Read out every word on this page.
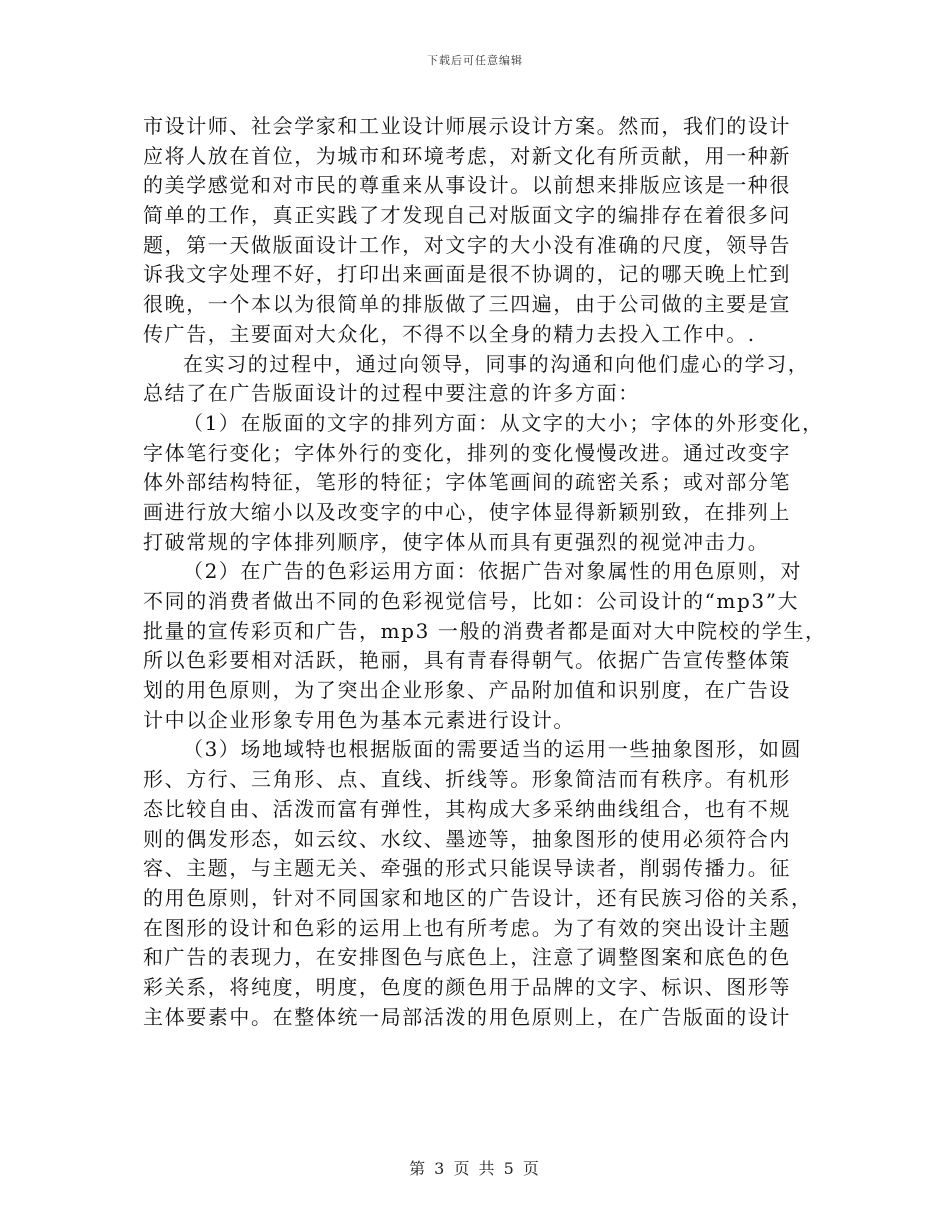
下载后可任意编辑
市设计师、社会学家和工业设计师展示设计方案。然而，我们的设计
应将人放在首位，为城市和环境考虑，对新文化有所贡献，用一种新
的美学感觉和对市民的尊重来从事设计。以前想来排版应该是一种很
简单的工作，真正实践了才发现自己对版面文字的编排存在着很多问
题，第一天做版面设计工作，对文字的大小没有准确的尺度，领导告
诉我文字处理不好，打印出来画面是很不协调的，记的哪天晚上忙到
很晚，一个本以为很简单的排版做了三四遍，由于公司做的主要是宣
传广告，主要面对大众化，不得不以全身的精力去投入工作中。.
在实习的过程中，通过向领导，同事的沟通和向他们虚心的学习，
总结了在广告版面设计的过程中要注意的许多方面：
（1）在版面的文字的排列方面：从文字的大小；字体的外形变化，
字体笔行变化；字体外行的变化，排列的变化慢慢改进。通过改变字
体外部结构特征，笔形的特征；字体笔画间的疏密关系；或对部分笔
画进行放大缩小以及改变字的中心，使字体显得新颖别致，在排列上
打破常规的字体排列顺序，使字体从而具有更强烈的视觉冲击力。
（2）在广告的色彩运用方面：依据广告对象属性的用色原则，对
不同的消费者做出不同的色彩视觉信号，比如：公司设计的“mp3”大
批量的宣传彩页和广告，mp3 一般的消费者都是面对大中院校的学生，
所以色彩要相对活跃，艳丽，具有青春得朝气。依据广告宣传整体策
划的用色原则，为了突出企业形象、产品附加值和识别度，在广告设
计中以企业形象专用色为基本元素进行设计。
（3）场地域特也根据版面的需要适当的运用一些抽象图形，如圆
形、方行、三角形、点、直线、折线等。形象简洁而有秩序。有机形
态比较自由、活泼而富有弹性，其构成大多采纳曲线组合，也有不规
则的偶发形态，如云纹、水纹、墨迹等，抽象图形的使用必须符合内
容、主题，与主题无关、牵强的形式只能误导读者，削弱传播力。征
的用色原则，针对不同国家和地区的广告设计，还有民族习俗的关系，
在图形的设计和色彩的运用上也有所考虑。为了有效的突出设计主题
和广告的表现力，在安排图色与底色上，注意了调整图案和底色的色
彩关系，将纯度，明度，色度的颜色用于品牌的文字、标识、图形等
主体要素中。在整体统一局部活泼的用色原则上，在广告版面的设计
第 3 页 共 5 页
